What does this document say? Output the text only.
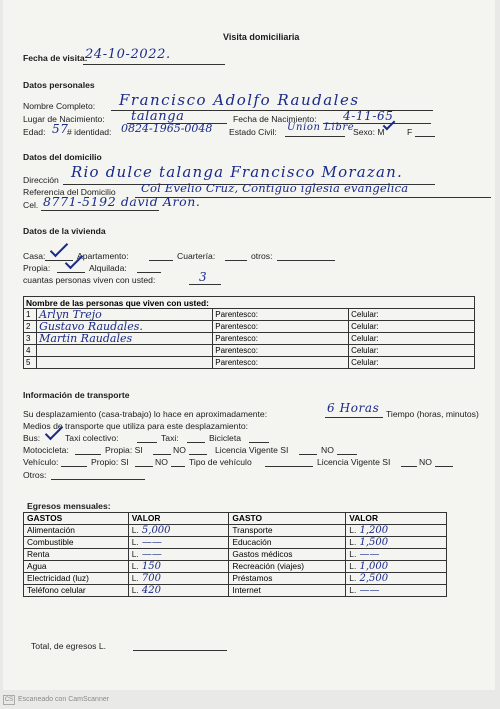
Visita domiciliaria
Fecha de visita:
24-10-2022.
Datos personales
Nombre Completo: Francisco Adolfo Raudales
Lugar de Nacimiento: talanga	Fecha de Nacimiento: 4-11-65
Edad: 57
# identidad: 0824-1965-0048 Estado Civil: Union Libre
Sexo: M	F
Datos del domicilio
Dirección Rio dulce talanga Francisco Morazan.
Referencia del Domicilio Col Evelio Cruz, Contiguo iglesia evangelica
Cel. 8771-5192 david Aron.
Datos de la vivienda
Casa:	Apartamento:	Cuartería:	otros:
Propia:	Alquilada:
cuantas personas viven con usted:	3
Nombre de las personas que viven con usted:			
1	Arlyn Trejo	Parentesco:	Celular:
2	Gustavo Raudales.	Parentesco:	Celular:
3	Martin Raudales	Parentesco:	Celular:
4		Parentesco:	Celular:
5		Parentesco:	Celular:
Información de transporte
Su desplazamiento (casa-trabajo) lo hace en aproximadamente:	6 Horas Tiempo (horas, minutos)
Medios de transporte que utiliza para este desplazamiento:
Bus:	Taxi colectivo:	Taxi:	Bicicleta
Motocicleta:	Propia: SI	NO	Licencia Vigente SI	NO
Vehículo:	Propio: SI	NO Tipo de vehículo	Licencia Vigente SI	NO
Otros:
Egresos mensuales:
GASTOS	VALOR	GASTO	VALOR
Alimentación	L. 5,000	Transporte	L. 1,200
Combustible	L. ——	Educación	L. 1,500
Renta	L. ——	Gastos médicos	L. ——
Agua	L. 150	Recreación (viajes)	L. 1,000
Electricidad (luz)	L. 700	Préstamos	L. 2,500
Teléfono celular	L. 420	Internet	L. ——
Total, de egresos L.
CS Escaneado con CamScanner
